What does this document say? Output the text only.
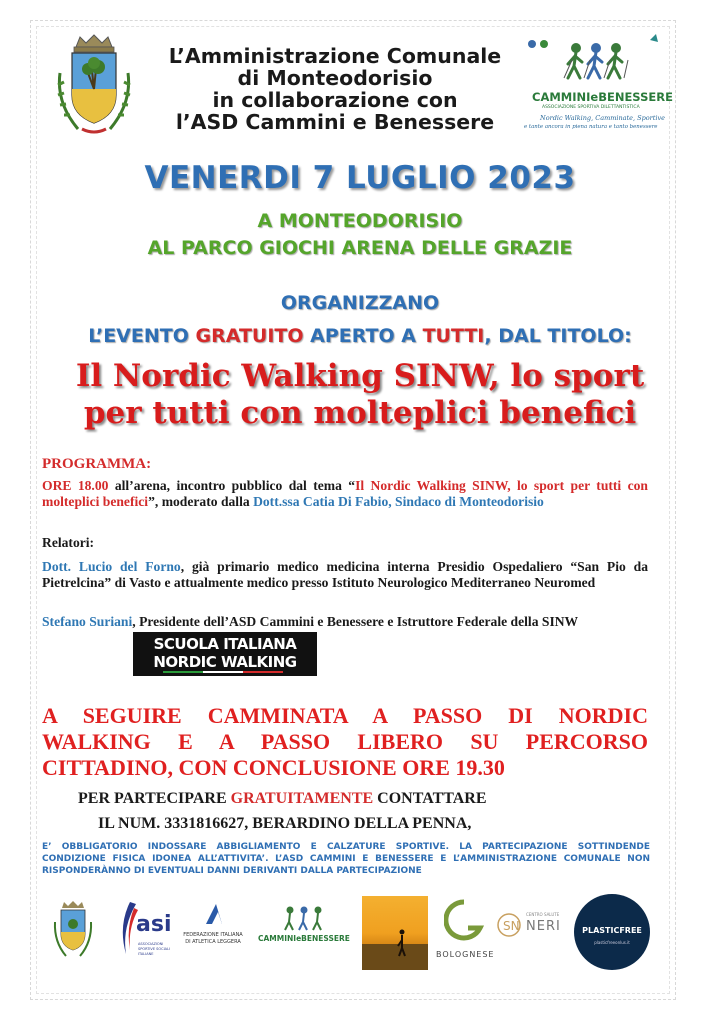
L’Amministrazione Comunale
di Monteodorisio
in collaborazione con
l’ASD Cammini e Benessere
CAMMINIeBENESSERE
ASSOCIAZIONE SPORTIVA DILETTANTISTICA
Nordic Walking, Camminate, Sportive
e tante ancora in piena natura e tanto benessere
VENERDI 7 LUGLIO 2023
A MONTEODORISIO
AL PARCO GIOCHI ARENA DELLE GRAZIE
ORGANIZZANO
L’EVENTO GRATUITO APERTO A TUTTI, DAL TITOLO:
Il Nordic Walking SINW, lo sport
per tutti con molteplici benefici
PROGRAMMA:
ORE 18.00 all’arena, incontro pubblico dal tema “Il Nordic Walking SINW, lo sport per tutti con molteplici benefici”, moderato dalla Dott.ssa Catia Di Fabio, Sindaco di Monteodorisio
Relatori:
Dott. Lucio del Forno, già primario medico medicina interna Presidio Ospedaliero “San Pio da Pietrelcina” di Vasto e attualmente medico presso Istituto Neurologico Mediterraneo Neuromed
Stefano Suriani, Presidente dell’ASD Cammini e Benessere e Istruttore Federale della SINW
SCUOLA ITALIANA
NORDIC WALKING
A SEGUIRE CAMMINATA A PASSO DI NORDIC
WALKING E A PASSO LIBERO SU PERCORSO
CITTADINO, CON CONCLUSIONE ORE 19.30
PER PARTECIPARE GRATUITAMENTE CONTATTARE
IL NUM. 3331816627, BERARDINO DELLA PENNA,
E’ OBBLIGATORIO INDOSSARE ABBIGLIAMENTO E CALZATURE SPORTIVE. LA PARTECIPAZIONE SOTTINDENDE CONDIZIONE FISICA IDONEA ALL’ATTIVITA’. L’ASD CAMMINI E BENESSERE E L’AMMINISTRAZIONE COMUNALE NON RISPONDERÀNNO DI EVENTUALI DANNI DERIVANTI DALLA PARTECIPAZIONE
asi
ASSOCIAZIONI SPORTIVE SOCIALI ITALIANE
FEDERAZIONE ITALIANA
DI ATLETICA LEGGERA	CAMMINIeBENESSERE
BOLOGNESE
SN
CENTRO SALUTE
NERI	PLASTICFREE
plasticfreeonlus.it
